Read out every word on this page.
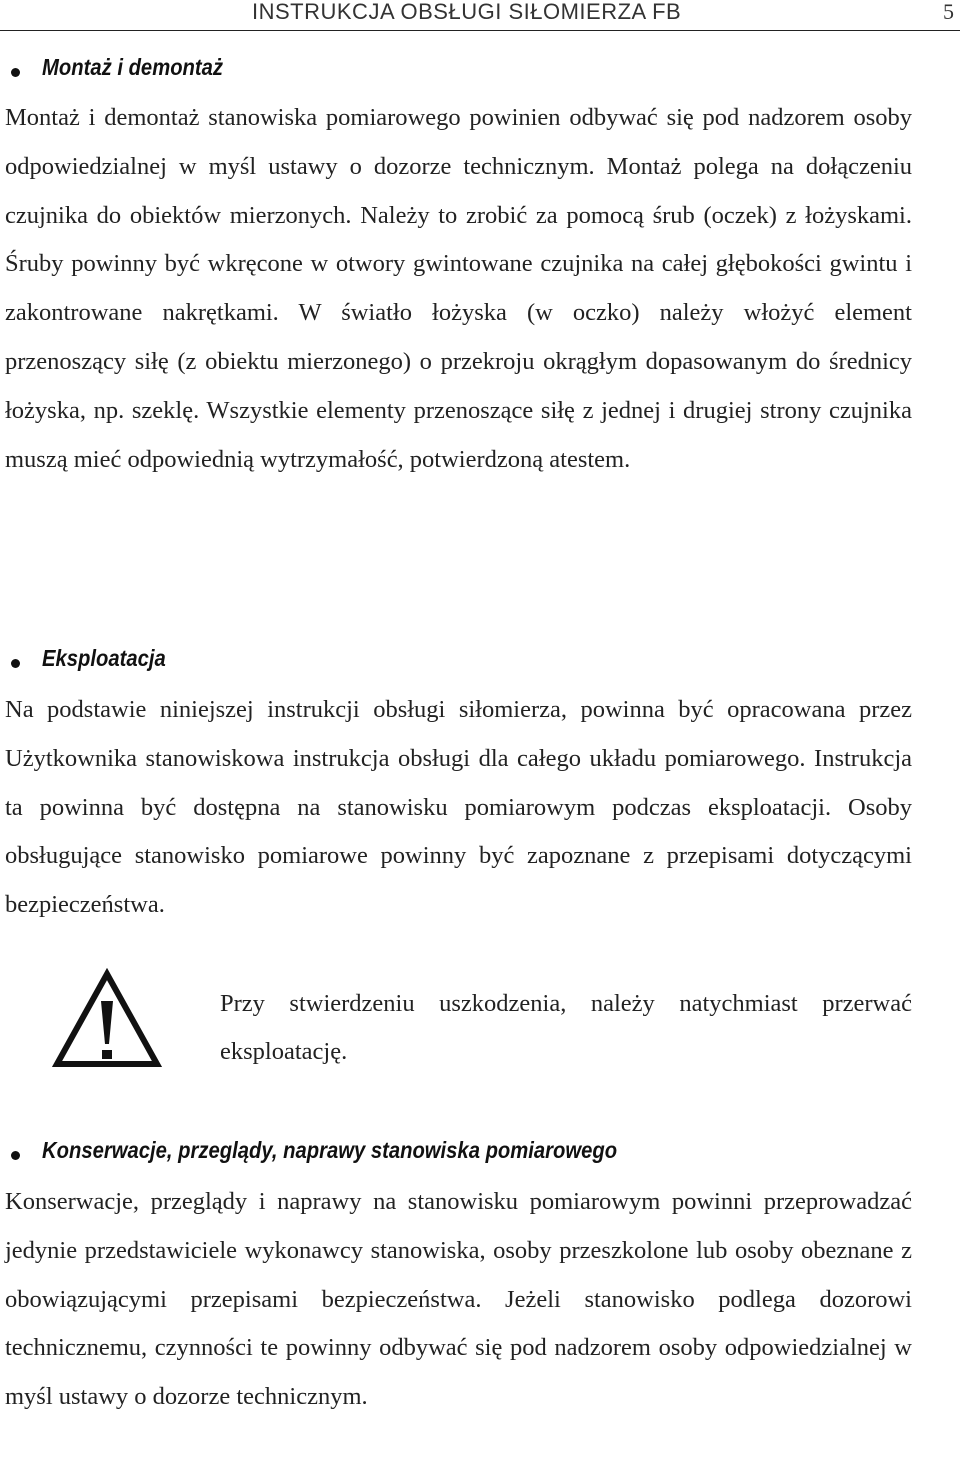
INSTRUKCJA OBSŁUGI SIŁOMIERZA FB	5
Montaż i demontaż

Montaż i demontaż stanowiska pomiarowego powinien odbywać się pod nadzorem osoby odpowiedzialnej w myśl ustawy o dozorze technicznym. Montaż polega na dołączeniu czujnika do obiektów mierzonych. Należy to zrobić za pomocą śrub (oczek) z łożyskami. Śruby powinny być wkręcone w otwory gwintowane czujnika na całej głębokości gwintu i zakontrowane nakrętkami. W światło łożyska (w oczko) należy włożyć element przenoszący siłę (z obiektu mierzonego) o przekroju okrągłym dopasowanym do średnicy łożyska, np. szeklę. Wszystkie elementy przenoszące siłę z jednej i drugiej strony czujnika muszą mieć odpowiednią wytrzymałość, potwierdzoną atestem.

Eksploatacja

Na podstawie niniejszej instrukcji obsługi siłomierza, powinna być opracowana przez Użytkownika stanowiskowa instrukcja obsługi dla całego układu pomiarowego. Instrukcja ta powinna być dostępna na stanowisku pomiarowym podczas eksploatacji. Osoby obsługujące stanowisko pomiarowe powinny być zapoznane z przepisami dotyczącymi bezpieczeństwa.

Przy stwierdzeniu uszkodzenia, należy natychmiast przerwać eksploatację.

Konserwacje, przeglądy, naprawy stanowiska pomiarowego

Konserwacje, przeglądy i naprawy na stanowisku pomiarowym powinni przeprowadzać jedynie przedstawiciele wykonawcy stanowiska, osoby przeszkolone lub osoby obeznane z obowiązującymi przepisami bezpieczeństwa. Jeżeli stanowisko podlega dozorowi technicznemu, czynności te powinny odbywać się pod nadzorem osoby odpowiedzialnej w myśl ustawy o dozorze technicznym.
